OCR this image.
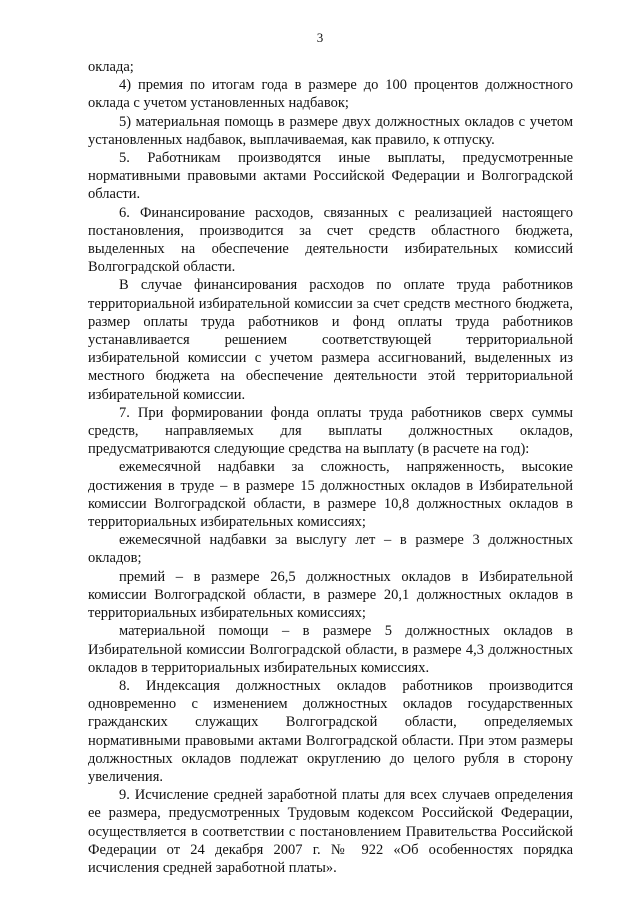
3

оклада;

4) премия по итогам года в размере до 100 процентов должностного оклада с учетом установленных надбавок;

5) материальная помощь в размере двух должностных окладов с учетом установленных надбавок, выплачиваемая, как правило, к отпуску.

5. Работникам производятся иные выплаты, предусмотренные нормативными правовыми актами Российской Федерации и Волгоградской области.

6. Финансирование расходов, связанных с реализацией настоящего постановления, производится за счет средств областного бюджета, выделенных на обеспечение деятельности избирательных комиссий Волгоградской области.

В случае финансирования расходов по оплате труда работников территориальной избирательной комиссии за счет средств местного бюджета, размер оплаты труда работников и фонд оплаты труда работников устанавливается решением соответствующей территориальной избирательной комиссии с учетом размера ассигнований, выделенных из местного бюджета на обеспечение деятельности этой территориальной избирательной комиссии.

7. При формировании фонда оплаты труда работников сверх суммы средств, направляемых для выплаты должностных окладов, предусматриваются следующие средства на выплату (в расчете на год):

ежемесячной надбавки за сложность, напряженность, высокие достижения в труде – в размере 15 должностных окладов в Избирательной комиссии Волгоградской области, в размере 10,8 должностных окладов в территориальных избирательных комиссиях;

ежемесячной надбавки за выслугу лет – в размере 3 должностных окладов;

премий – в размере 26,5 должностных окладов в Избирательной комиссии Волгоградской области, в размере 20,1 должностных окладов в территориальных избирательных комиссиях;

материальной помощи – в размере 5 должностных окладов в Избирательной комиссии Волгоградской области, в размере 4,3 должностных окладов в территориальных избирательных комиссиях.

8. Индексация должностных окладов работников производится одновременно с изменением должностных окладов государственных гражданских служащих Волгоградской области, определяемых нормативными правовыми актами Волгоградской области. При этом размеры должностных окладов подлежат округлению до целого рубля в сторону увеличения.

9. Исчисление средней заработной платы для всех случаев определения ее размера, предусмотренных Трудовым кодексом Российской Федерации, осуществляется в соответствии с постановлением Правительства Российской Федерации от 24 декабря 2007 г. № 922 «Об особенностях порядка исчисления средней заработной платы».
